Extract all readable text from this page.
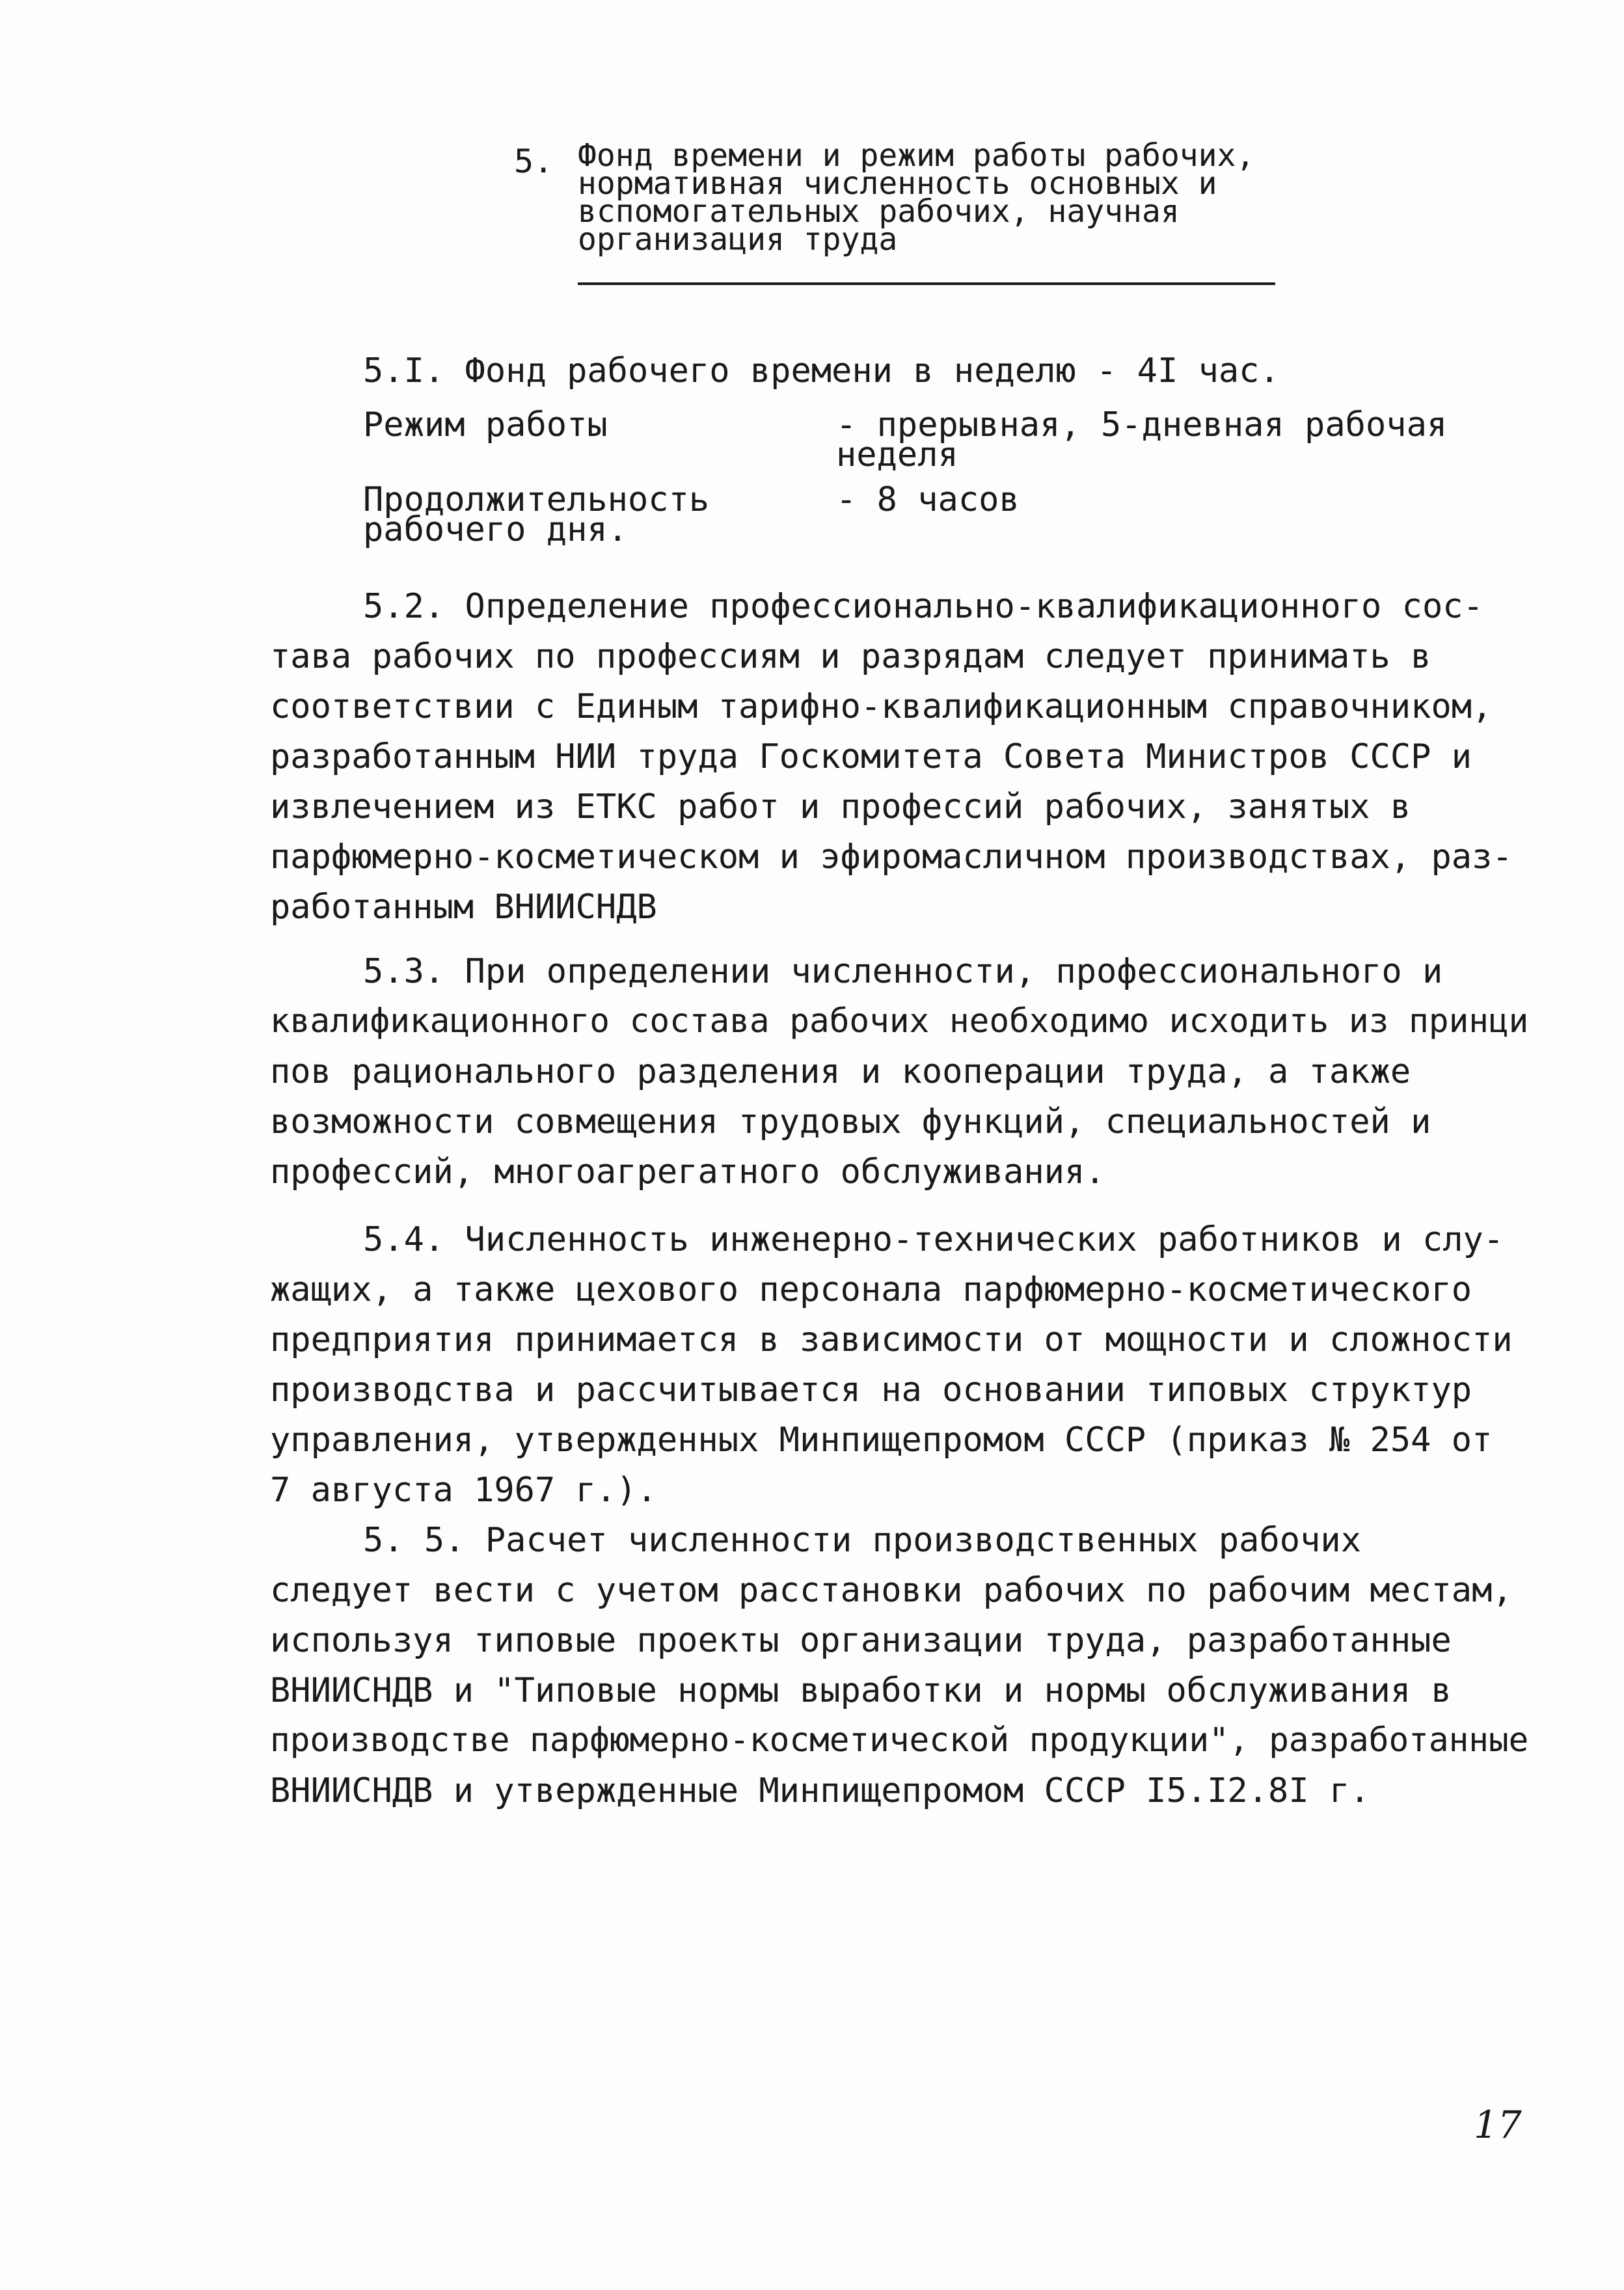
5. Фонд времени и режим работы рабочих,
нормативная численность основных и
вспомогательных рабочих, научная
организация труда
5.I. Фонд рабочего времени в неделю - 4I час.
Режим работы	- прерывная, 5-дневная рабочая
неделя
Продолжительность
рабочего дня.
- 8 часов
5.2. Определение профессионально-квалификационного сос-
тава рабочих по профессиям и разрядам следует принимать в
соответствии с Единым тарифно-квалификационным справочником,
разработанным НИИ труда Госкомитета Совета Министров СССР и
извлечением из ЕТКС работ и профессий рабочих, занятых в
парфюмерно-косметическом и эфиромасличном производствах, раз-
работанным ВНИИСНДВ
5.3. При определении численности, профессионального и
квалификационного состава рабочих необходимо исходить из принци
пов рационального разделения и кооперации труда, а также
возможности совмещения трудовых функций, специальностей и
профессий, многоагрегатного обслуживания.
5.4. Численность инженерно-технических работников и слу-
жащих, а также цехового персонала парфюмерно-косметического
предприятия принимается в зависимости от мощности и сложности
производства и рассчитывается на основании типовых структур
управления, утвержденных Минпищепромом СССР (приказ № 254 от
7 августа 1967 г.).
5. 5. Расчет численности производственных рабочих
следует вести с учетом расстановки рабочих по рабочим местам,
используя типовые проекты организации труда, разработанные
ВНИИСНДВ и "Типовые нормы выработки и нормы обслуживания в
производстве парфюмерно-косметической продукции", разработанные
ВНИИСНДВ и утвержденные Минпищепромом СССР I5.I2.8I г.
17
